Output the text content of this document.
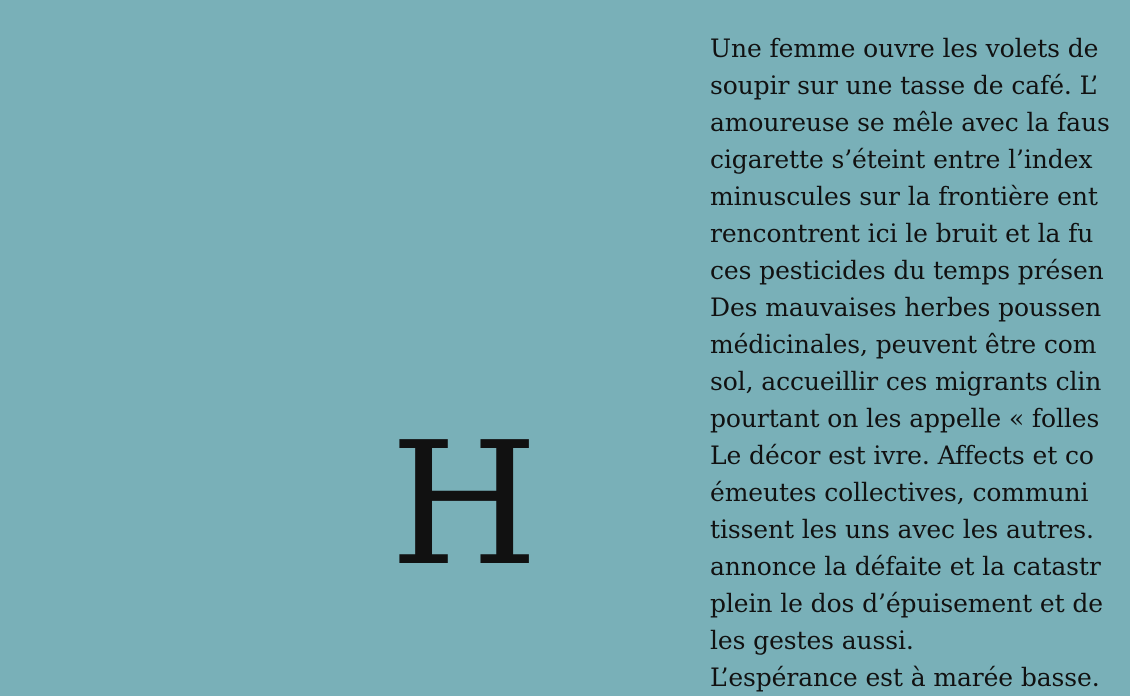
H
Une femme ouvre les volets de
soupir sur une tasse de café. L’
amoureuse se mêle avec la faus
cigarette s’éteint entre l’index
minuscules sur la frontière ent
rencontrent ici le bruit et la fu
ces pesticides du temps présen
Des mauvaises herbes poussen
médicinales, peuvent être com
sol, accueillir ces migrants clin
pourtant on les appelle « folles
Le décor est ivre. Affects et co
émeutes collectives, communi
tissent les uns avec les autres.
annonce la défaite et la catastr
plein le dos d’épuisement et de
les gestes aussi.
L’espérance est à marée basse.
